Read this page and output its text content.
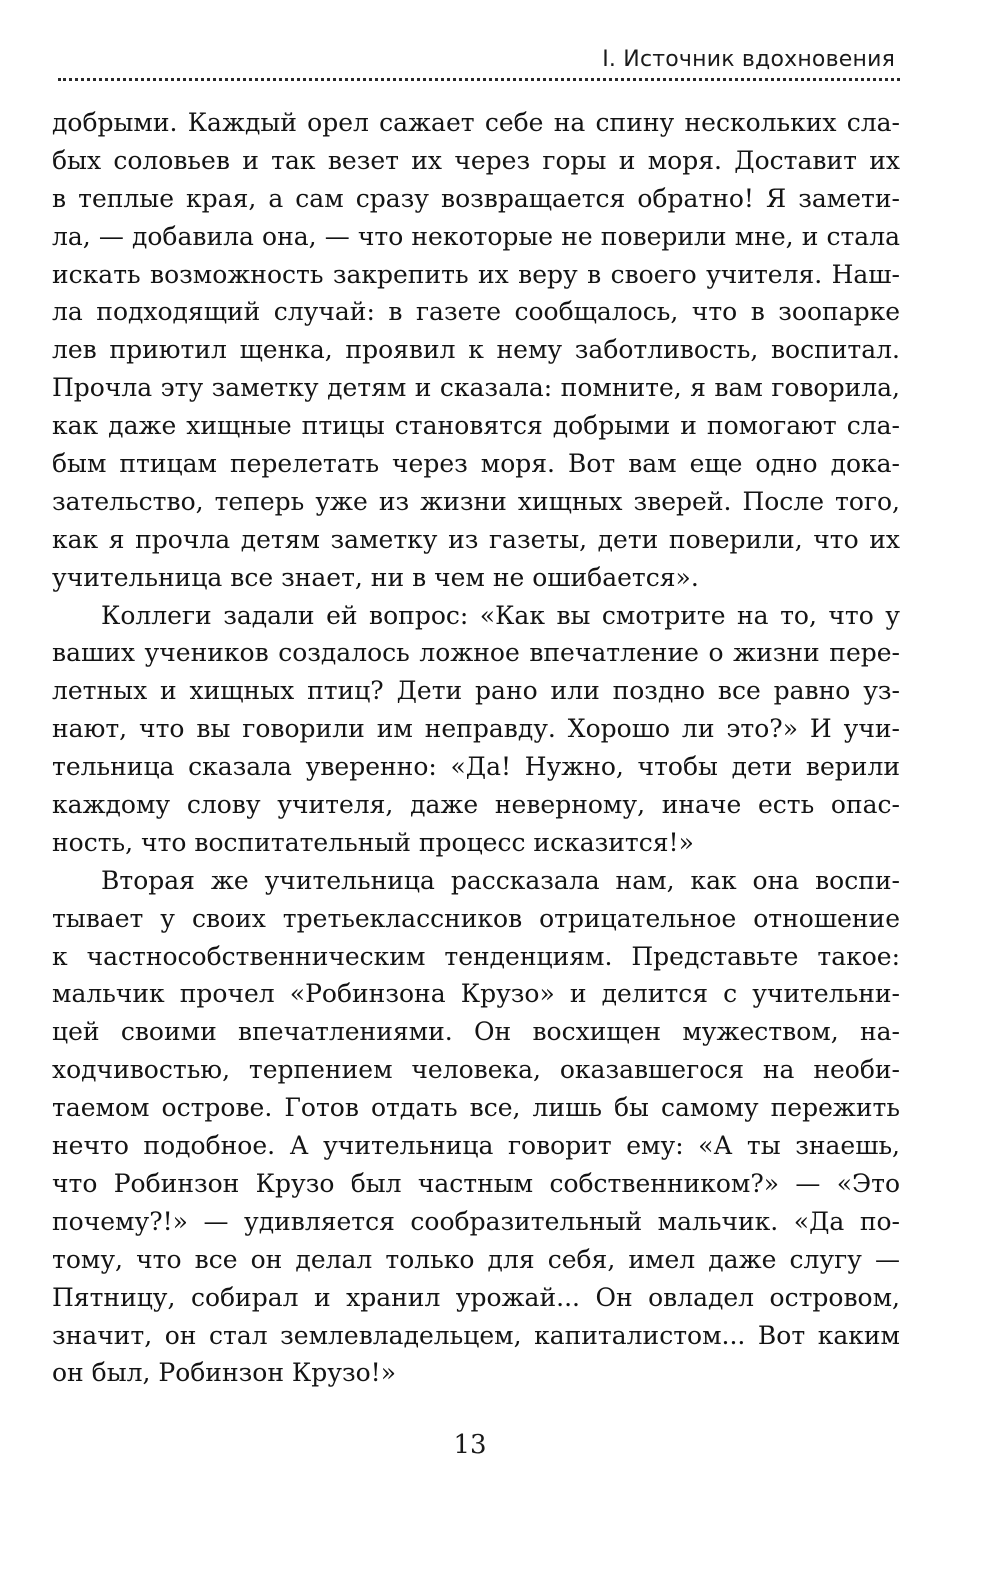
I. Источник вдохновения
добрыми. Каждый орел сажает себе на спину нескольких сла-
бых соловьев и так везет их через горы и моря. Доставит их
в теплые края, а сам сразу возвращается обратно! Я замети-
ла, — добавила она, — что некоторые не поверили мне, и стала
искать возможность закрепить их веру в своего учителя. Наш-
ла подходящий случай: в газете сообщалось, что в зоопарке
лев приютил щенка, проявил к нему заботливость, воспитал.
Прочла эту заметку детям и сказала: помните, я вам говорила,
как даже хищные птицы становятся добрыми и помогают сла-
бым птицам перелетать через моря. Вот вам еще одно дока-
зательство, теперь уже из жизни хищных зверей. После того,
как я прочла детям заметку из газеты, дети поверили, что их
учительница все знает, ни в чем не ошибается».
Коллеги задали ей вопрос: «Как вы смотрите на то, что у
ваших учеников создалось ложное впечатление о жизни пере-
летных и хищных птиц? Дети рано или поздно все равно уз-
нают, что вы говорили им неправду. Хорошо ли это?» И учи-
тельница сказала уверенно: «Да! Нужно, чтобы дети верили
каждому слову учителя, даже неверному, иначе есть опас-
ность, что воспитательный процесс исказится!»
Вторая же учительница рассказала нам, как она воспи-
тывает у своих третьеклассников отрицательное отношение
к частнособственническим тенденциям. Представьте такое:
мальчик прочел «Робинзона Крузо» и делится с учительни-
цей своими впечатлениями. Он восхищен мужеством, на-
ходчивостью, терпением человека, оказавшегося на необи-
таемом острове. Готов отдать все, лишь бы самому пережить
нечто подобное. А учительница говорит ему: «А ты знаешь,
что Робинзон Крузо был частным собственником?» — «Это
почему?!» — удивляется сообразительный мальчик. «Да по-
тому, что все он делал только для себя, имел даже слугу —
Пятницу, собирал и хранил урожай... Он овладел островом,
значит, он стал землевладельцем, капиталистом... Вот каким
он был, Робинзон Крузо!»
13
